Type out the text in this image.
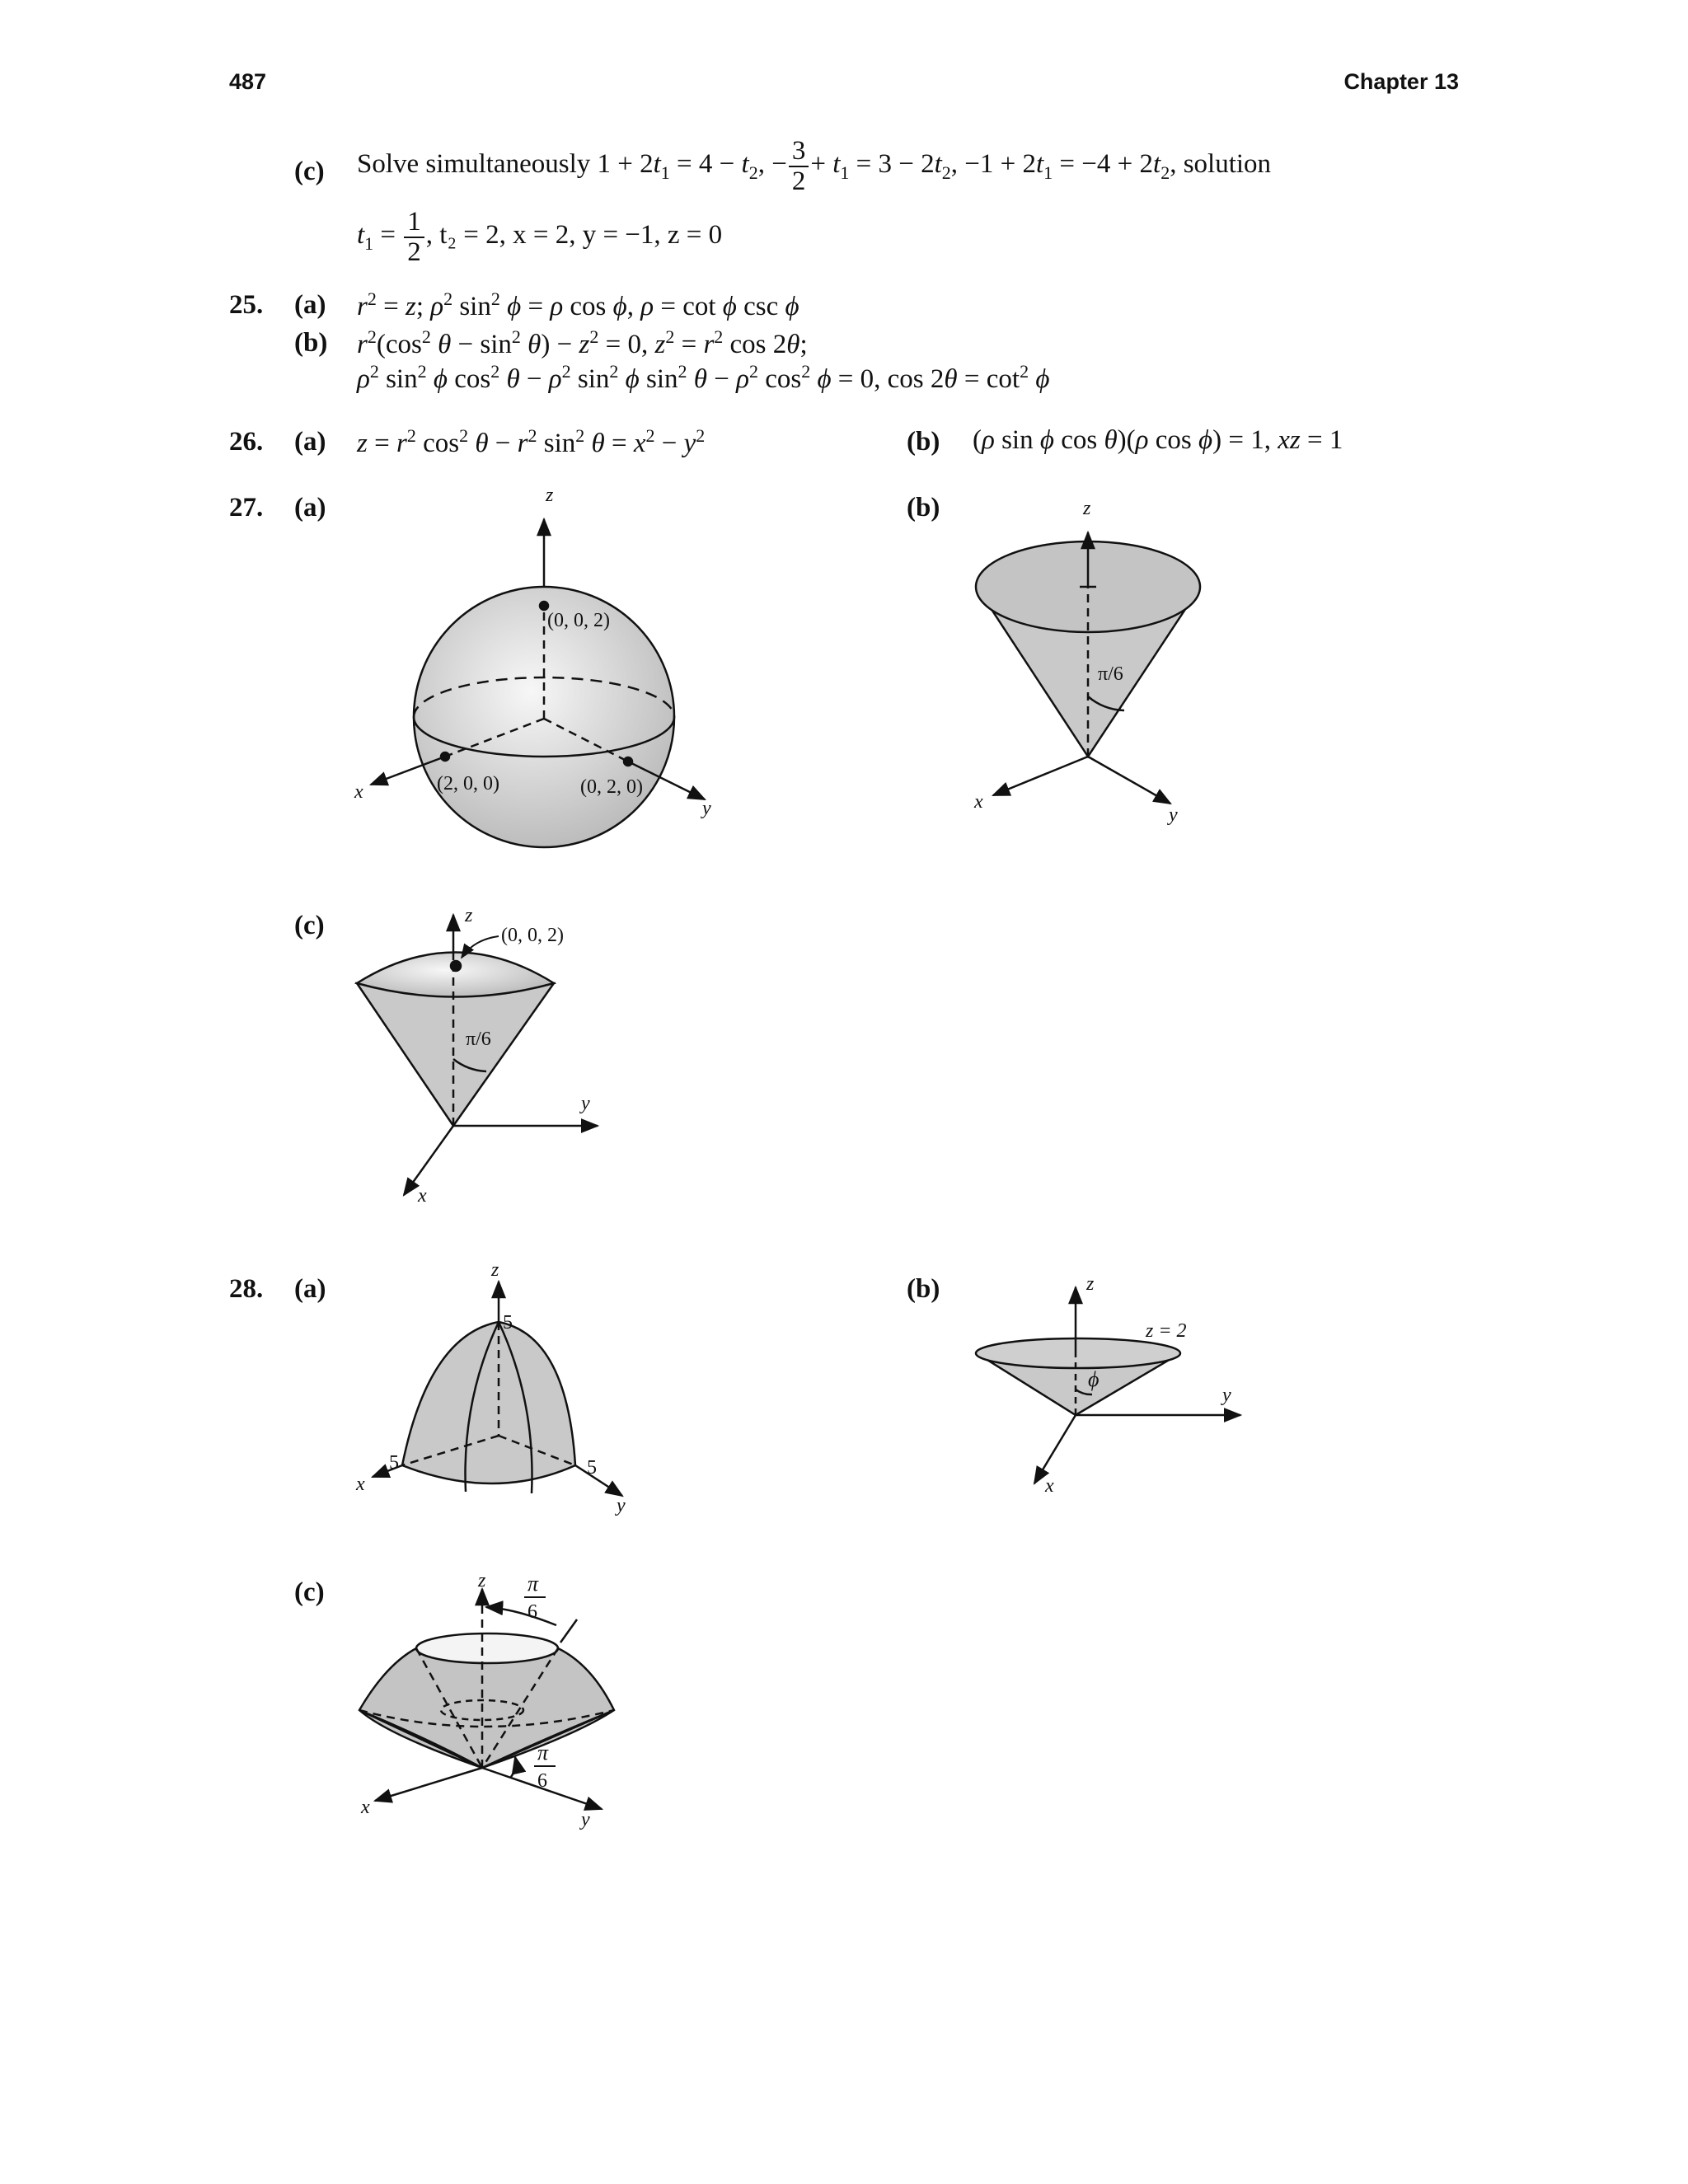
487	Chapter 13
(c) Solve simultaneously $1 + 2t_1 = 4 - t_2$, − $\frac{3}{2} + t_1 = 3 - 2t_2$, $-1 + 2t_1 = -4 + 2t_2$, solution
$t_1 = \frac{1}{2}$ , t₂ = 2, x = 2, y = −1, z = 0
25. (a) $r^2 = z$; $\rho^2$ $\sin^2 \phi = \rho$ cos ϕ, ρ = cot ϕ csc ϕ
(b) $r^2(\cos^2$ $\theta - \sin^2 \theta) - z^2 = 0$, $z^2 = r^2$ cos 2θ;
$\rho^2$ $\sin^2 \phi$ $\cos^2 \theta - \rho^2$ $\sin^2 \phi$ $\sin^2 \theta - \rho^2$ $\cos^2 \phi = 0$, $\cos 2\theta = \cot^2 \phi$
26. (a) $z = r^2$ $\cos^2 \theta - r^2$ $\sin^2 \theta = x^2 - y^2$	(b) (ρ sin ϕ cos θ)(ρ cos ϕ) = 1, xz = 1
27. (a)	(b)
(c)
28. (a)	(b)
(c)
z
x
y
(0, 0, 2)
(2, 0, 0)	(0, 2, 0)
z
x
y
π/6
z
y
x
(0, 0, 2)
π/6
z
5
5	5
x
y
z
z = 2
ϕ
y
x
z π
6
π
6
x
y
